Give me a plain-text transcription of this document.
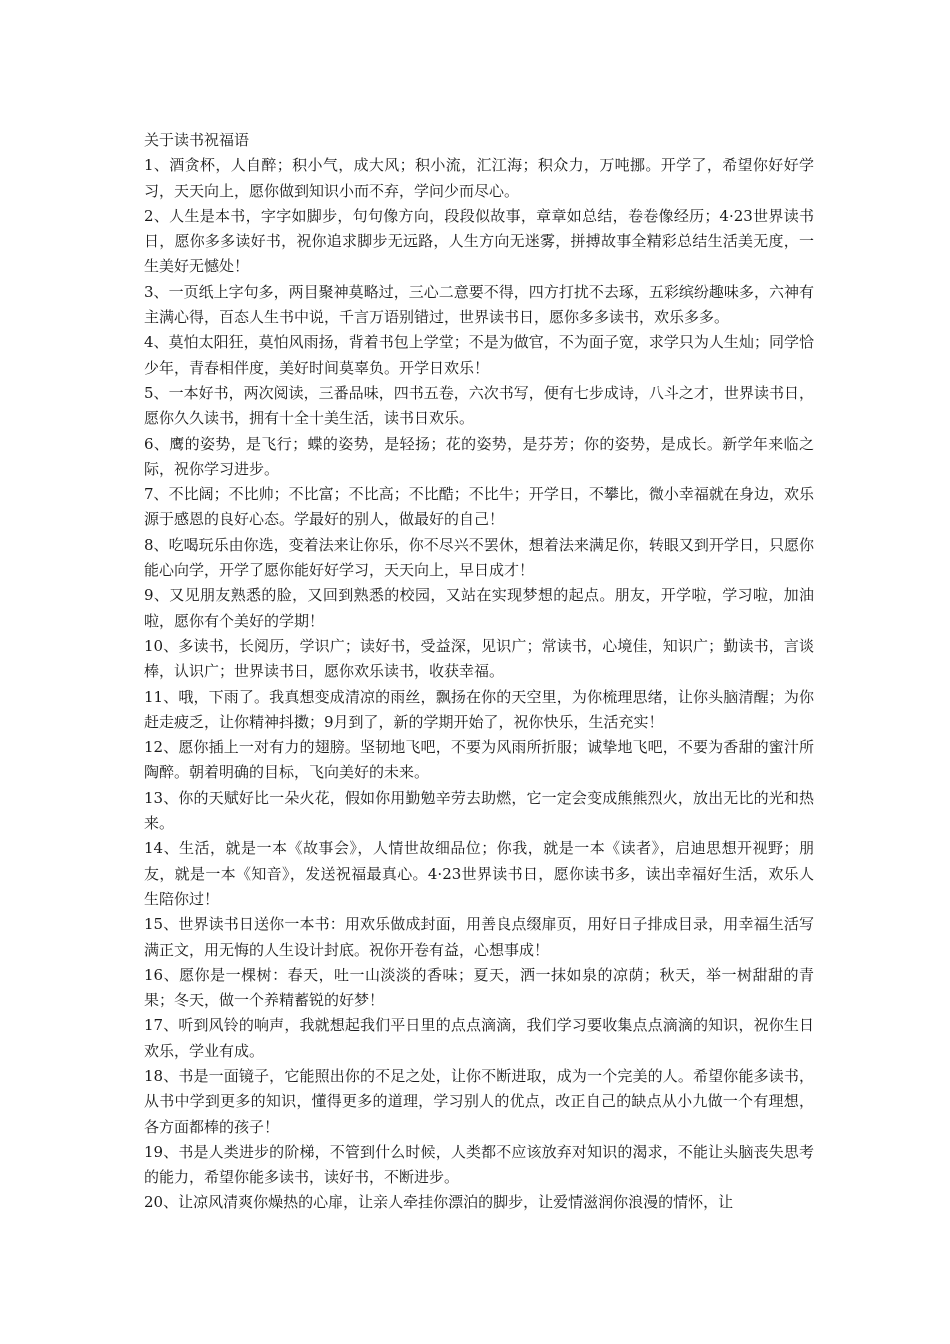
关于读书祝福语

1、酒贪杯，人自醉；积小气，成大风；积小流，汇江海；积众力，万吨挪。开学了，希望你好好学习，天天向上，愿你做到知识小而不弃，学问少而尽心。

2、人生是本书，字字如脚步，句句像方向，段段似故事，章章如总结，卷卷像经历；4·23世界读书日，愿你多多读好书，祝你追求脚步无远路，人生方向无迷雾，拼搏故事全精彩总结生活美无度，一生美好无憾处！

3、一页纸上字句多，两目聚神莫略过，三心二意要不得，四方打扰不去琢，五彩缤纷趣味多，六神有主满心得，百态人生书中说，千言万语别错过，世界读书日，愿你多多读书，欢乐多多。

4、莫怕太阳狂，莫怕风雨扬，背着书包上学堂；不是为做官，不为面子宽，求学只为人生灿；同学恰少年，青春相伴度，美好时间莫辜负。开学日欢乐！

5、一本好书，两次阅读，三番品味，四书五卷，六次书写，便有七步成诗，八斗之才，世界读书日，愿你久久读书，拥有十全十美生活，读书日欢乐。

6、鹰的姿势，是飞行；蝶的姿势，是轻扬；花的姿势，是芬芳；你的姿势，是成长。新学年来临之际，祝你学习进步。

7、不比阔；不比帅；不比富；不比高；不比酷；不比牛；开学日，不攀比，微小幸福就在身边，欢乐源于感恩的良好心态。学最好的别人，做最好的自己！

8、吃喝玩乐由你选，变着法来让你乐，你不尽兴不罢休，想着法来满足你，转眼又到开学日，只愿你能心向学，开学了愿你能好好学习，天天向上，早日成才！

9、又见朋友熟悉的脸，又回到熟悉的校园，又站在实现梦想的起点。朋友，开学啦，学习啦，加油啦，愿你有个美好的学期！

10、多读书，长阅历，学识广；读好书，受益深，见识广；常读书，心境佳，知识广；勤读书，言谈棒，认识广；世界读书日，愿你欢乐读书，收获幸福。

11、哦，下雨了。我真想变成清凉的雨丝，飘扬在你的天空里，为你梳理思绪，让你头脑清醒；为你赶走疲乏，让你精神抖擞；9月到了，新的学期开始了，祝你快乐，生活充实！

12、愿你插上一对有力的翅膀。坚韧地飞吧，不要为风雨所折服；诚挚地飞吧，不要为香甜的蜜汁所陶醉。朝着明确的目标，飞向美好的未来。

13、你的天赋好比一朵火花，假如你用勤勉辛劳去助燃，它一定会变成熊熊烈火，放出无比的光和热来。

14、生活，就是一本《故事会》，人情世故细品位；你我，就是一本《读者》，启迪思想开视野；朋友，就是一本《知音》，发送祝福最真心。4·23世界读书日，愿你读书多，读出幸福好生活，欢乐人生陪你过！

15、世界读书日送你一本书：用欢乐做成封面，用善良点缀扉页，用好日子排成目录，用幸福生活写满正文，用无悔的人生设计封底。祝你开卷有益，心想事成！

16、愿你是一棵树：春天，吐一山淡淡的香味；夏天，洒一抹如泉的凉荫；秋天，举一树甜甜的青果；冬天，做一个养精蓄锐的好梦！

17、听到风铃的响声，我就想起我们平日里的点点滴滴，我们学习要收集点点滴滴的知识，祝你生日欢乐，学业有成。

18、书是一面镜子，它能照出你的不足之处，让你不断进取，成为一个完美的人。希望你能多读书，从书中学到更多的知识，懂得更多的道理，学习别人的优点，改正自己的缺点从小九做一个有理想，各方面都棒的孩子！

19、书是人类进步的阶梯，不管到什么时候，人类都不应该放弃对知识的渴求，不能让头脑丧失思考的能力，希望你能多读书，读好书，不断进步。

20、让凉风清爽你燥热的心扉，让亲人牵挂你漂泊的脚步，让爱情滋润你浪漫的情怀，让
